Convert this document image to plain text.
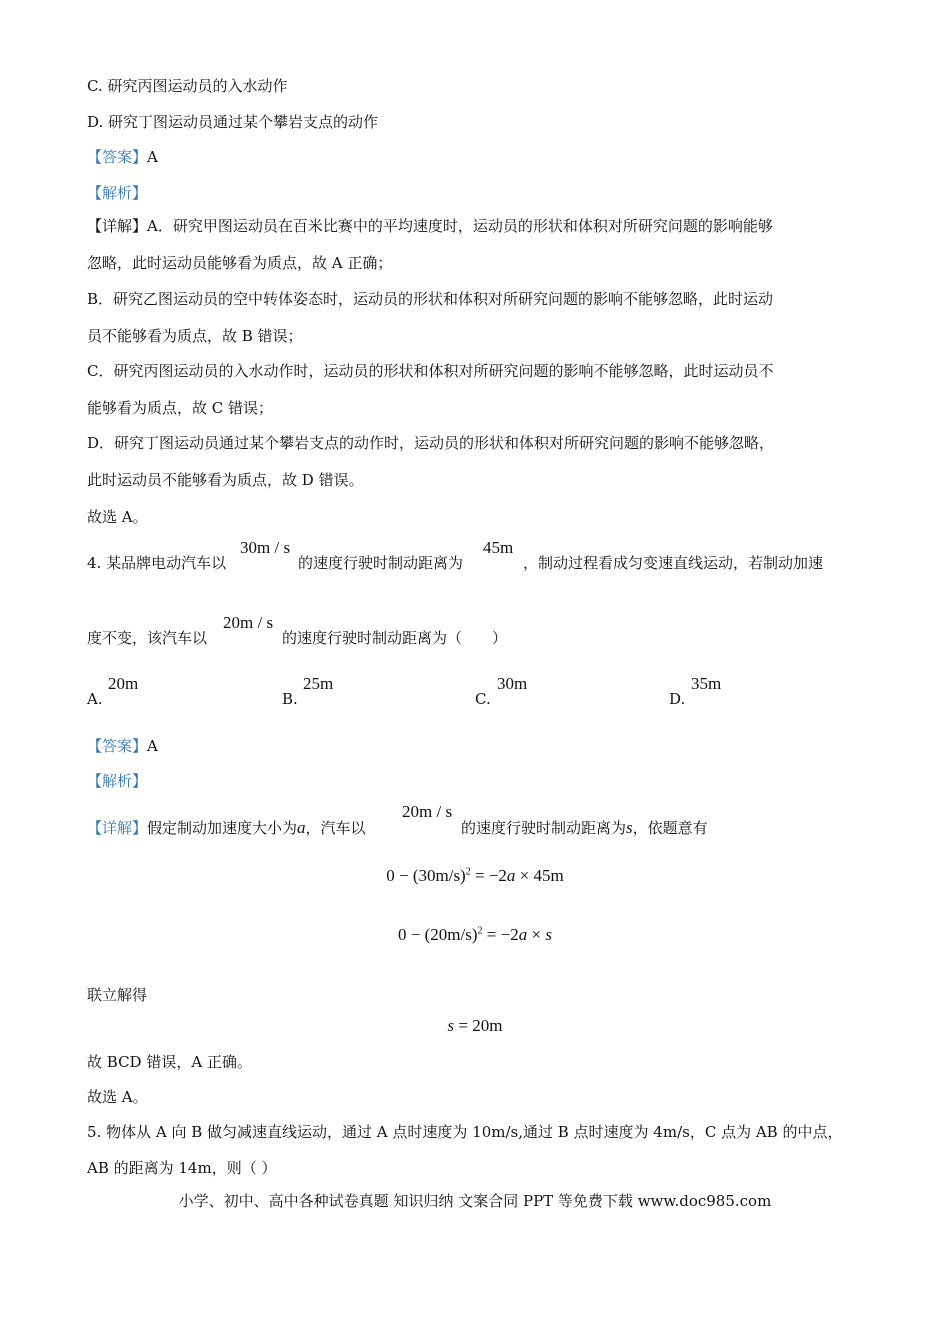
C. 研究丙图运动员的入水动作
D. 研究丁图运动员通过某个攀岩支点的动作
【答案】A
【解析】
【详解】A．研究甲图运动员在百米比赛中的平均速度时，运动员的形状和体积对所研究问题的影响能够
忽略，此时运动员能够看为质点，故 A 正确；
B．研究乙图运动员的空中转体姿态时，运动员的形状和体积对所研究问题的影响不能够忽略，此时运动
员不能够看为质点，故 B 错误；
C．研究丙图运动员的入水动作时，运动员的形状和体积对所研究问题的影响不能够忽略，此时运动员不
能够看为质点，故 C 错误；
D．研究丁图运动员通过某个攀岩支点的动作时，运动员的形状和体积对所研究问题的影响不能够忽略，
此时运动员不能够看为质点，故 D 错误。
故选 A。
4. 某品牌电动汽车以
30m / s
的速度行驶时制动距离为
45m
，制动过程看成匀变速直线运动，若制动加速
度不变，该汽车以
20m / s
的速度行驶时制动距离为（　　）
A.
20m
B.
25m
C.
30m
D.
35m
【答案】A
【解析】
【详解】假定制动加速度大小为a，汽车以
20m / s
的速度行驶时制动距离为s，依题意有
$0 - (30m/s)^2 = -2a \times 45m$
$0 - (20m/s)^2 = -2a \times s$
联立解得
s = 20m
故 BCD 错误，A 正确。
故选 A。
5. 物体从 A 向 B 做匀减速直线运动，通过 A 点时速度为 10m/s,通过 B 点时速度为 4m/s，C 点为 AB 的中点，
AB 的距离为 14m，则（ ）
小学、初中、高中各种试卷真题 知识归纳 文案合同 PPT 等免费下载 www.doc985.com
